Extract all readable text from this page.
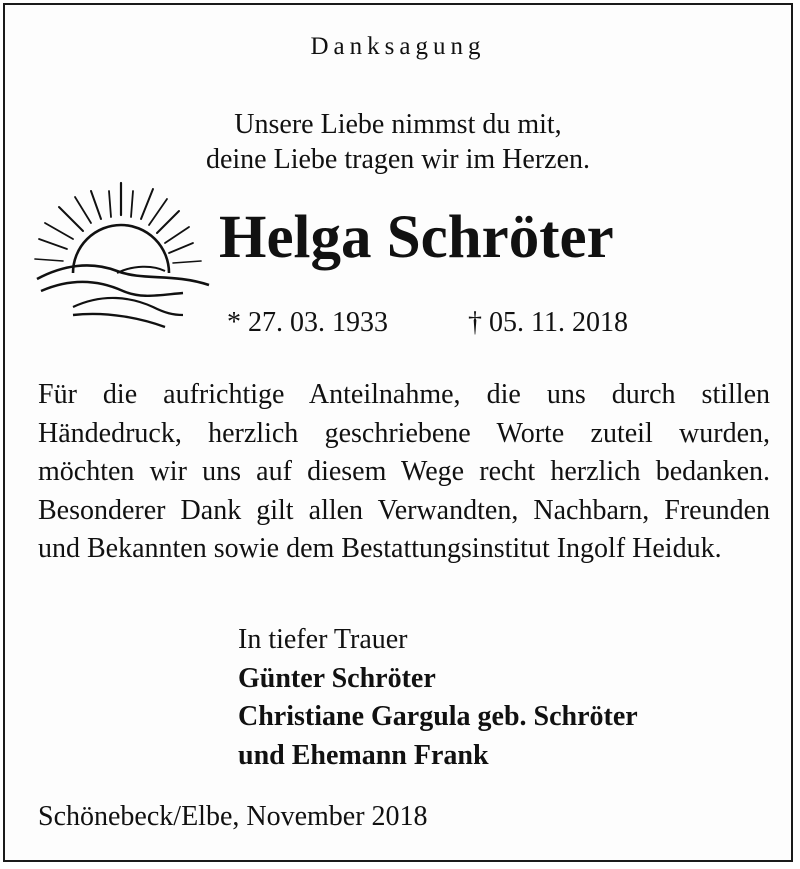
Danksagung
Unsere Liebe nimmst du mit,
deine Liebe tragen wir im Herzen.
Helga Schröter
* 27. 03. 1933	† 05. 11. 2018

Für die aufrichtige Anteilnahme, die uns durch stillen Händedruck, herzlich geschriebene Worte zuteil wurden, möchten wir uns auf diesem Wege recht herzlich bedanken. Besonderer Dank gilt allen Verwandten, Nachbarn, Freunden und Bekannten sowie dem Bestattungsinstitut Ingolf Heiduk.

In tiefer Trauer
Günter Schröter
Christiane Gargula geb. Schröter
und Ehemann Frank
Schönebeck/Elbe, November 2018
